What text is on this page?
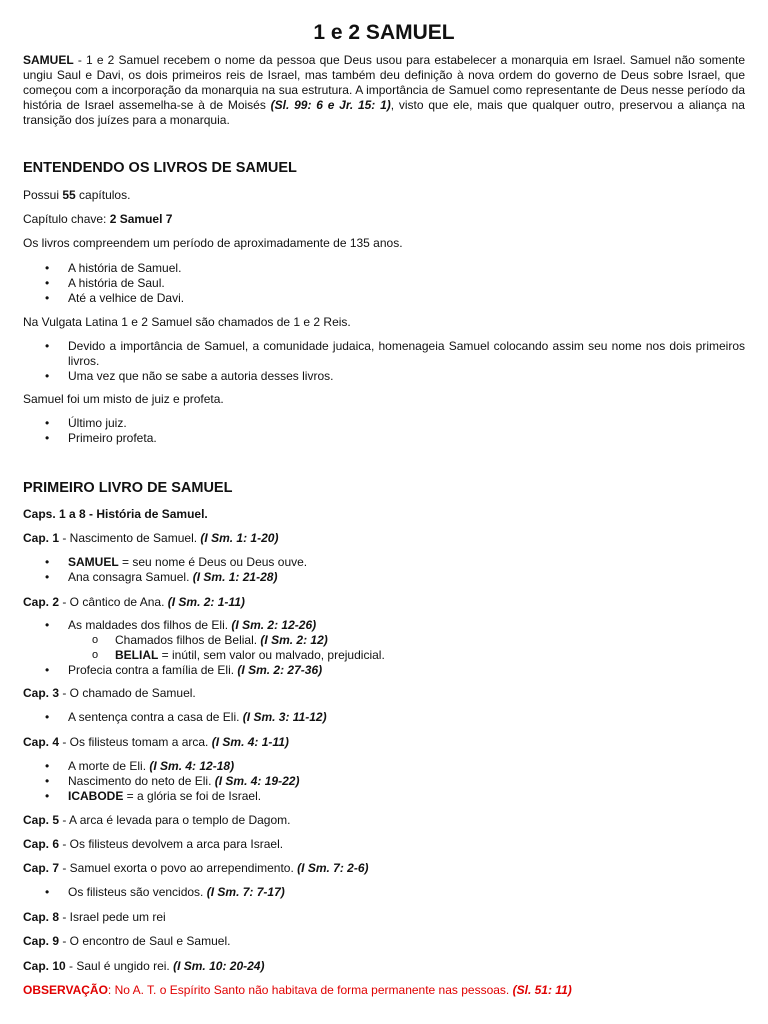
1 e 2 SAMUEL

SAMUEL - 1 e 2 Samuel recebem o nome da pessoa que Deus usou para estabelecer a monarquia em Israel. Samuel não somente ungiu Saul e Davi, os dois primeiros reis de Israel, mas também deu definição à nova ordem do governo de Deus sobre Israel, que começou com a incorporação da monarquia na sua estrutura. A importância de Samuel como representante de Deus nesse período da história de Israel assemelha-se à de Moisés (Sl. 99: 6 e Jr. 15: 1), visto que ele, mais que qualquer outro, preservou a aliança na transição dos juízes para a monarquia.

ENTENDENDO OS LIVROS DE SAMUEL

Possui 55 capítulos.

Capítulo chave: 2 Samuel 7

Os livros compreendem um período de aproximadamente de 135 anos.

• A história de Samuel.
• A história de Saul.
• Até a velhice de Davi.

Na Vulgata Latina 1 e 2 Samuel são chamados de 1 e 2 Reis.

• Devido a importância de Samuel, a comunidade judaica, homenageia Samuel colocando assim seu nome nos dois primeiros livros.
• Uma vez que não se sabe a autoria desses livros.

Samuel foi um misto de juiz e profeta.

• Último juiz.
• Primeiro profeta.
PRIMEIRO LIVRO DE SAMUEL

Caps. 1 a 8 - História de Samuel.

Cap. 1 - Nascimento de Samuel. (I Sm. 1: 1-20)

• SAMUEL = seu nome é Deus ou Deus ouve.
• Ana consagra Samuel. (I Sm. 1: 21-28)

Cap. 2 - O cântico de Ana. (I Sm. 2: 1-11)

• As maldades dos filhos de Eli. (I Sm. 2: 12-26)
o Chamados filhos de Belial. (I Sm. 2: 12)
o BELIAL = inútil, sem valor ou malvado, prejudicial.
• Profecia contra a família de Eli. (I Sm. 2: 27-36)

Cap. 3 - O chamado de Samuel.

• A sentença contra a casa de Eli. (I Sm. 3: 11-12)

Cap. 4 - Os filisteus tomam a arca. (I Sm. 4: 1-11)

• A morte de Eli. (I Sm. 4: 12-18)
• Nascimento do neto de Eli. (I Sm. 4: 19-22)
• ICABODE = a glória se foi de Israel.

Cap. 5 - A arca é levada para o templo de Dagom.

Cap. 6 - Os filisteus devolvem a arca para Israel.

Cap. 7 - Samuel exorta o povo ao arrependimento. (I Sm. 7: 2-6)

• Os filisteus são vencidos. (I Sm. 7: 7-17)

Cap. 8 - Israel pede um rei

Cap. 9 - O encontro de Saul e Samuel.

Cap. 10 - Saul é ungido rei. (I Sm. 10: 20-24)

OBSERVAÇÃO: No A. T. o Espírito Santo não habitava de forma permanente nas pessoas. (Sl. 51: 11)
